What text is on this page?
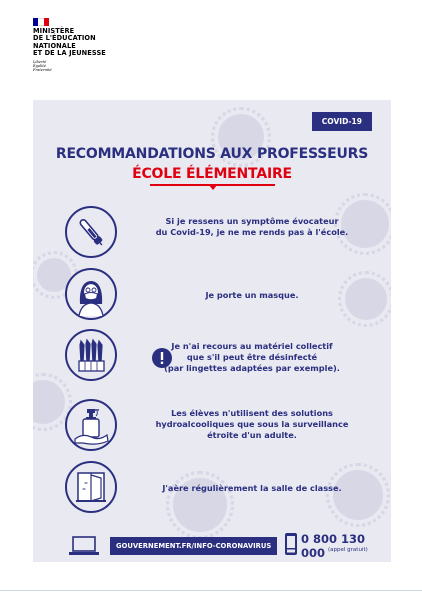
MINISTÈRE
DE L'ÉDUCATION
NATIONALE
ET DE LA JEUNESSE
Liberté
Égalité
Fraternité
COVID-19
RECOMMANDATIONS AUX PROFESSEURS
ÉCOLE ÉLÉMENTAIRE
Si je ressens un symptôme évocateur
du Covid-19, je ne me rends pas à l'école.
Je porte un masque.
Je n'ai recours au matériel collectif
que s'il peut être désinfecté
(par lingettes adaptées par exemple).
Les élèves n'utilisent des solutions
hydroalcooliques que sous la surveillance
étroite d'un adulte.
J'aère régulièrement la salle de classe.
GOUVERNEMENT.FR/INFO-CORONAVIRUS	0 800 130 000 (appel gratuit)
